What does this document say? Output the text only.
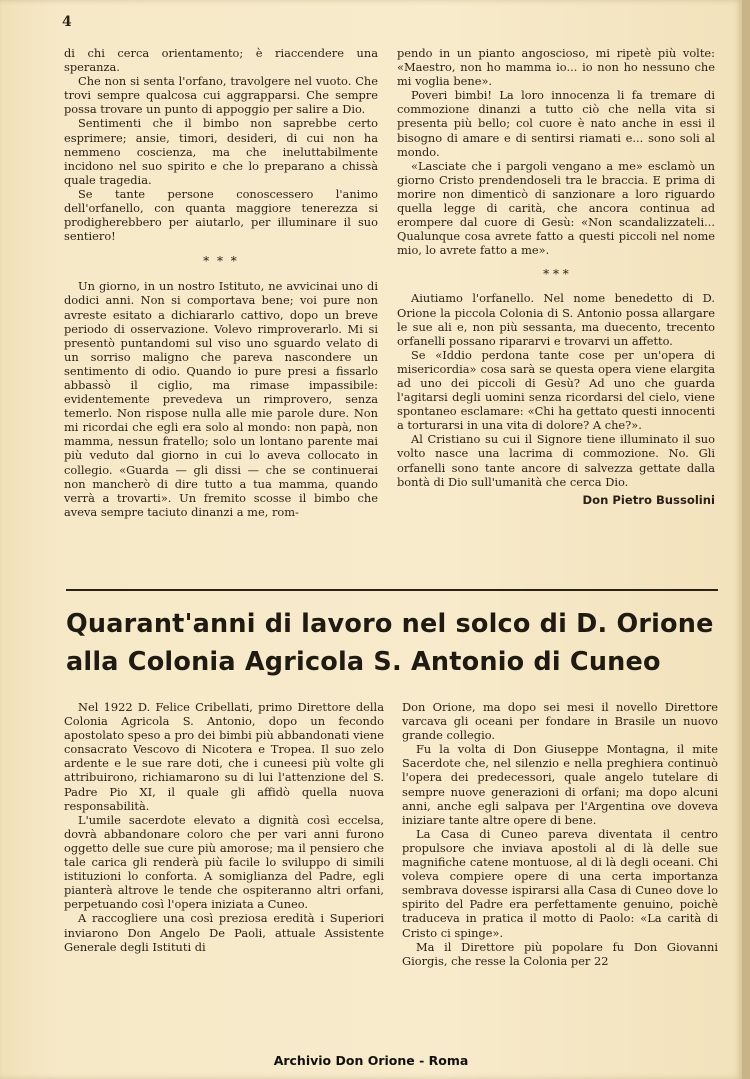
4

di chi cerca orientamento; è riaccendere una speranza.

Che non si senta l'orfano, travolgere nel vuoto. Che trovi sempre qualcosa cui aggrapparsi. Che sempre possa trovare un punto di appoggio per salire a Dio.

Sentimenti che il bimbo non saprebbe certo esprimere; ansie, timori, desideri, di cui non ha nemmeno coscienza, ma che ineluttabilmente incidono nel suo spirito e che lo preparano a chissà quale tragedia.

Se tante persone conoscessero l'animo dell'orfanello, con quanta maggiore tenerezza si prodigherebbero per aiutarlo, per illuminare il suo sentiero!

* * *

Un giorno, in un nostro Istituto, ne avvicinai uno di dodici anni. Non si comportava bene; voi pure non avreste esitato a dichiararlo cattivo, dopo un breve periodo di osservazione. Volevo rimproverarlo. Mi si presentò puntandomi sul viso uno sguardo velato di un sorriso maligno che pareva nascondere un sentimento di odio. Quando io pure presi a fissarlo abbassò il ciglio, ma rimase impassibile: evidentemente prevedeva un rimprovero, senza temerlo. Non rispose nulla alle mie parole dure. Non mi ricordai che egli era solo al mondo: non papà, non mamma, nessun fratello; solo un lontano parente mai più veduto dal giorno in cui lo aveva collocato in collegio. «Guarda — gli dissi — che se continuerai non mancherò di dire tutto a tua mamma, quando verrà a trovarti». Un fremito scosse il bimbo che aveva sempre taciuto dinanzi a me, rom-

pendo in un pianto angoscioso, mi ripetè più volte: «Maestro, non ho mamma io... io non ho nessuno che mi voglia bene».

Poveri bimbi! La loro innocenza li fa tremare di commozione dinanzi a tutto ciò che nella vita si presenta più bello; col cuore è nato anche in essi il bisogno di amare e di sentirsi riamati e... sono soli al mondo.

«Lasciate che i pargoli vengano a me» esclamò un giorno Cristo prendendoseli tra le braccia. E prima di morire non dimenticò di sanzionare a loro riguardo quella legge di carità, che ancora continua ad erompere dal cuore di Gesù: «Non scandalizzateli... Qualunque cosa avrete fatto a questi piccoli nel nome mio, lo avrete fatto a me».

* * *

Aiutiamo l'orfanello. Nel nome benedetto di D. Orione la piccola Colonia di S. Antonio possa allargare le sue ali e, non più sessanta, ma duecento, trecento orfanelli possano ripararvi e trovarvi un affetto.

Se «Iddio perdona tante cose per un'opera di misericordia» cosa sarà se questa opera viene elargita ad uno dei piccoli di Gesù? Ad uno che guarda l'agitarsi degli uomini senza ricordarsi del cielo, viene spontaneo esclamare: «Chi ha gettato questi innocenti a torturarsi in una vita di dolore? A che?».

Al Cristiano su cui il Signore tiene illuminato il suo volto nasce una lacrima di commozione. No. Gli orfanelli sono tante ancore di salvezza gettate dalla bontà di Dio sull'umanità che cerca Dio.

Don Pietro Bussolini
Quarant'anni di lavoro nel solco di D. Orione
alla Colonia Agricola S. Antonio di Cuneo

Nel 1922 D. Felice Cribellati, primo Direttore della Colonia Agricola S. Antonio, dopo un fecondo apostolato speso a pro dei bimbi più abbandonati viene consacrato Vescovo di Nicotera e Tropea. Il suo zelo ardente e le sue rare doti, che i cuneesi più volte gli attribuirono, richiamarono su di lui l'attenzione del S. Padre Pio XI, il quale gli affidò quella nuova responsabilità.

L'umile sacerdote elevato a dignità così eccelsa, dovrà abbandonare coloro che per vari anni furono oggetto delle sue cure più amorose; ma il pensiero che tale carica gli renderà più facile lo sviluppo di simili istituzioni lo conforta. A somiglianza del Padre, egli pianterà altrove le tende che ospiteranno altri orfani, perpetuando così l'opera iniziata a Cuneo.

A raccogliere una così preziosa eredità i Superiori inviarono Don Angelo De Paoli, attuale Assistente Generale degli Istituti di

Don Orione, ma dopo sei mesi il novello Direttore varcava gli oceani per fondare in Brasile un nuovo grande collegio.

Fu la volta di Don Giuseppe Montagna, il mite Sacerdote che, nel silenzio e nella preghiera continuò l'opera dei predecessori, quale angelo tutelare di sempre nuove generazioni di orfani; ma dopo alcuni anni, anche egli salpava per l'Argentina ove doveva iniziare tante altre opere di bene.

La Casa di Cuneo pareva diventata il centro propulsore che inviava apostoli al di là delle sue magnifiche catene montuose, al di là degli oceani. Chi voleva compiere opere di una certa importanza sembrava dovesse ispirarsi alla Casa di Cuneo dove lo spirito del Padre era perfettamente genuino, poichè traduceva in pratica il motto di Paolo: «La carità di Cristo ci spinge».

Ma il Direttore più popolare fu Don Giovanni Giorgis, che resse la Colonia per 22

Archivio Don Orione - Roma
